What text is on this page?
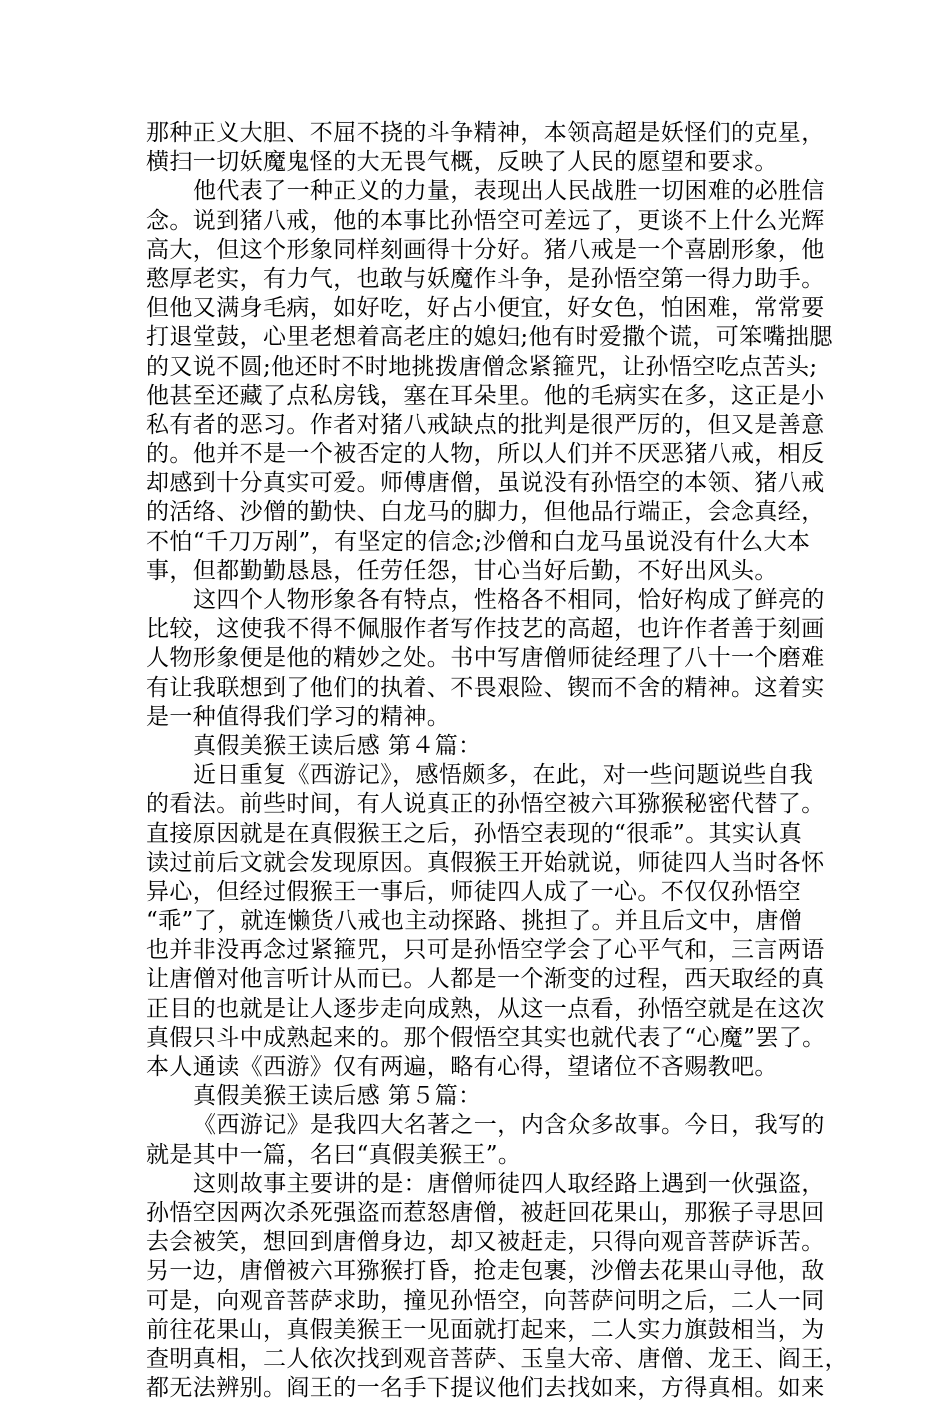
那种正义大胆、不屈不挠的斗争精神，本领高超是妖怪们的克星，
横扫一切妖魔鬼怪的大无畏气概，反映了人民的愿望和要求。
他代表了一种正义的力量，表现出人民战胜一切困难的必胜信
念。说到猪八戒，他的本事比孙悟空可差远了，更谈不上什么光辉
高大，但这个形象同样刻画得十分好。猪八戒是一个喜剧形象，他
憨厚老实，有力气，也敢与妖魔作斗争，是孙悟空第一得力助手。
但他又满身毛病，如好吃，好占小便宜，好女色，怕困难，常常要
打退堂鼓，心里老想着高老庄的媳妇;他有时爱撒个谎，可笨嘴拙腮
的又说不圆;他还时不时地挑拨唐僧念紧箍咒，让孙悟空吃点苦头;
他甚至还藏了点私房钱，塞在耳朵里。他的毛病实在多，这正是小
私有者的恶习。作者对猪八戒缺点的批判是很严厉的，但又是善意
的。他并不是一个被否定的人物，所以人们并不厌恶猪八戒，相反
却感到十分真实可爱。师傅唐僧，虽说没有孙悟空的本领、猪八戒
的活络、沙僧的勤快、白龙马的脚力，但他品行端正，会念真经，
不怕“千刀万剐”，有坚定的信念;沙僧和白龙马虽说没有什么大本
事，但都勤勤恳恳，任劳任怨，甘心当好后勤，不好出风头。
这四个人物形象各有特点，性格各不相同，恰好构成了鲜亮的
比较，这使我不得不佩服作者写作技艺的高超，也许作者善于刻画
人物形象便是他的精妙之处。书中写唐僧师徒经理了八十一个磨难
有让我联想到了他们的执着、不畏艰险、锲而不舍的精神。这着实
是一种值得我们学习的精神。
真假美猴王读后感 第４篇：
近日重复《西游记》，感悟颇多，在此，对一些问题说些自我
的看法。前些时间，有人说真正的孙悟空被六耳猕猴秘密代替了。
直接原因就是在真假猴王之后，孙悟空表现的“很乖”。其实认真
读过前后文就会发现原因。真假猴王开始就说，师徒四人当时各怀
异心，但经过假猴王一事后，师徒四人成了一心。不仅仅孙悟空
“乖”了，就连懒货八戒也主动探路、挑担了。并且后文中，唐僧
也并非没再念过紧箍咒，只可是孙悟空学会了心平气和，三言两语
让唐僧对他言听计从而已。人都是一个渐变的过程，西天取经的真
正目的也就是让人逐步走向成熟，从这一点看，孙悟空就是在这次
真假只斗中成熟起来的。那个假悟空其实也就代表了“心魔”罢了。
本人通读《西游》仅有两遍，略有心得，望诸位不吝赐教吧。
真假美猴王读后感 第５篇：
《西游记》是我四大名著之一，内含众多故事。今日，我写的
就是其中一篇，名曰“真假美猴王”。
这则故事主要讲的是：唐僧师徒四人取经路上遇到一伙强盗，
孙悟空因两次杀死强盗而惹怒唐僧，被赶回花果山，那猴子寻思回
去会被笑，想回到唐僧身边，却又被赶走，只得向观音菩萨诉苦。
另一边，唐僧被六耳猕猴打昏，抢走包裹，沙僧去花果山寻他，敌
可是，向观音菩萨求助，撞见孙悟空，向菩萨问明之后，二人一同
前往花果山，真假美猴王一见面就打起来，二人实力旗鼓相当，为
查明真相，二人依次找到观音菩萨、玉皇大帝、唐僧、龙王、阎王，
都无法辨别。阎王的一名手下提议他们去找如来，方得真相。如来
